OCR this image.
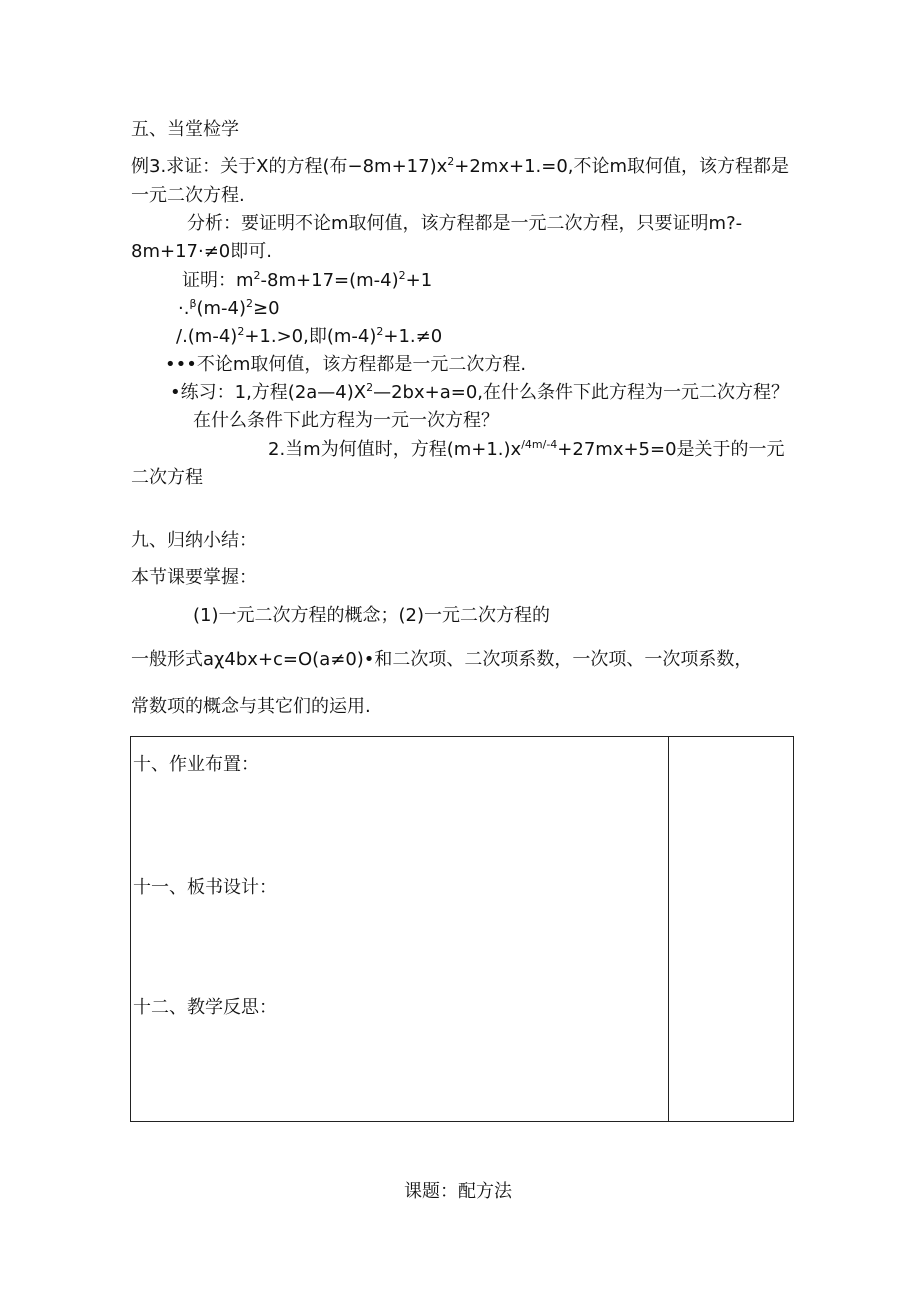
五、当堂检学
例3.求证：关于X的方程(布$-8m+17)x^2+2mx+1.=0$,不论m取何值，该方程都是
一元二次方程.
分析：要证明不论m取何值，该方程都是一元二次方程，只要证明m?-
8m+17·≠0即可.
证明：$m^2-8m+17=(m-4)^2+1$
$\cdot.^\beta(m-4)^2\ge 0$
$/.(m-4)^2+1.>0$,即$(m-4)^2+1.\ne 0$
•••不论m取何值，该方程都是一元二次方程.
•练习：1,方程$(2a—4)X^2—2bx+a=0$,在什么条件下此方程为一元二次方程？
在什么条件下此方程为一元一次方程？
2.当m为何值时，方程$(m+1.)x^{/4m/-4}+27mx+5=0$是关于的一元
二次方程
九、归纳小结：
本节课要掌握：
(1)一元二次方程的概念；(2)一元二次方程的
一般形式aχ4bx+c=O(a≠0)•和二次项、二次项系数，一次项、一次项系数，
常数项的概念与其它们的运用.
十、作业布置：
十一、板书设计：
十二、教学反思：
课题：配方法
